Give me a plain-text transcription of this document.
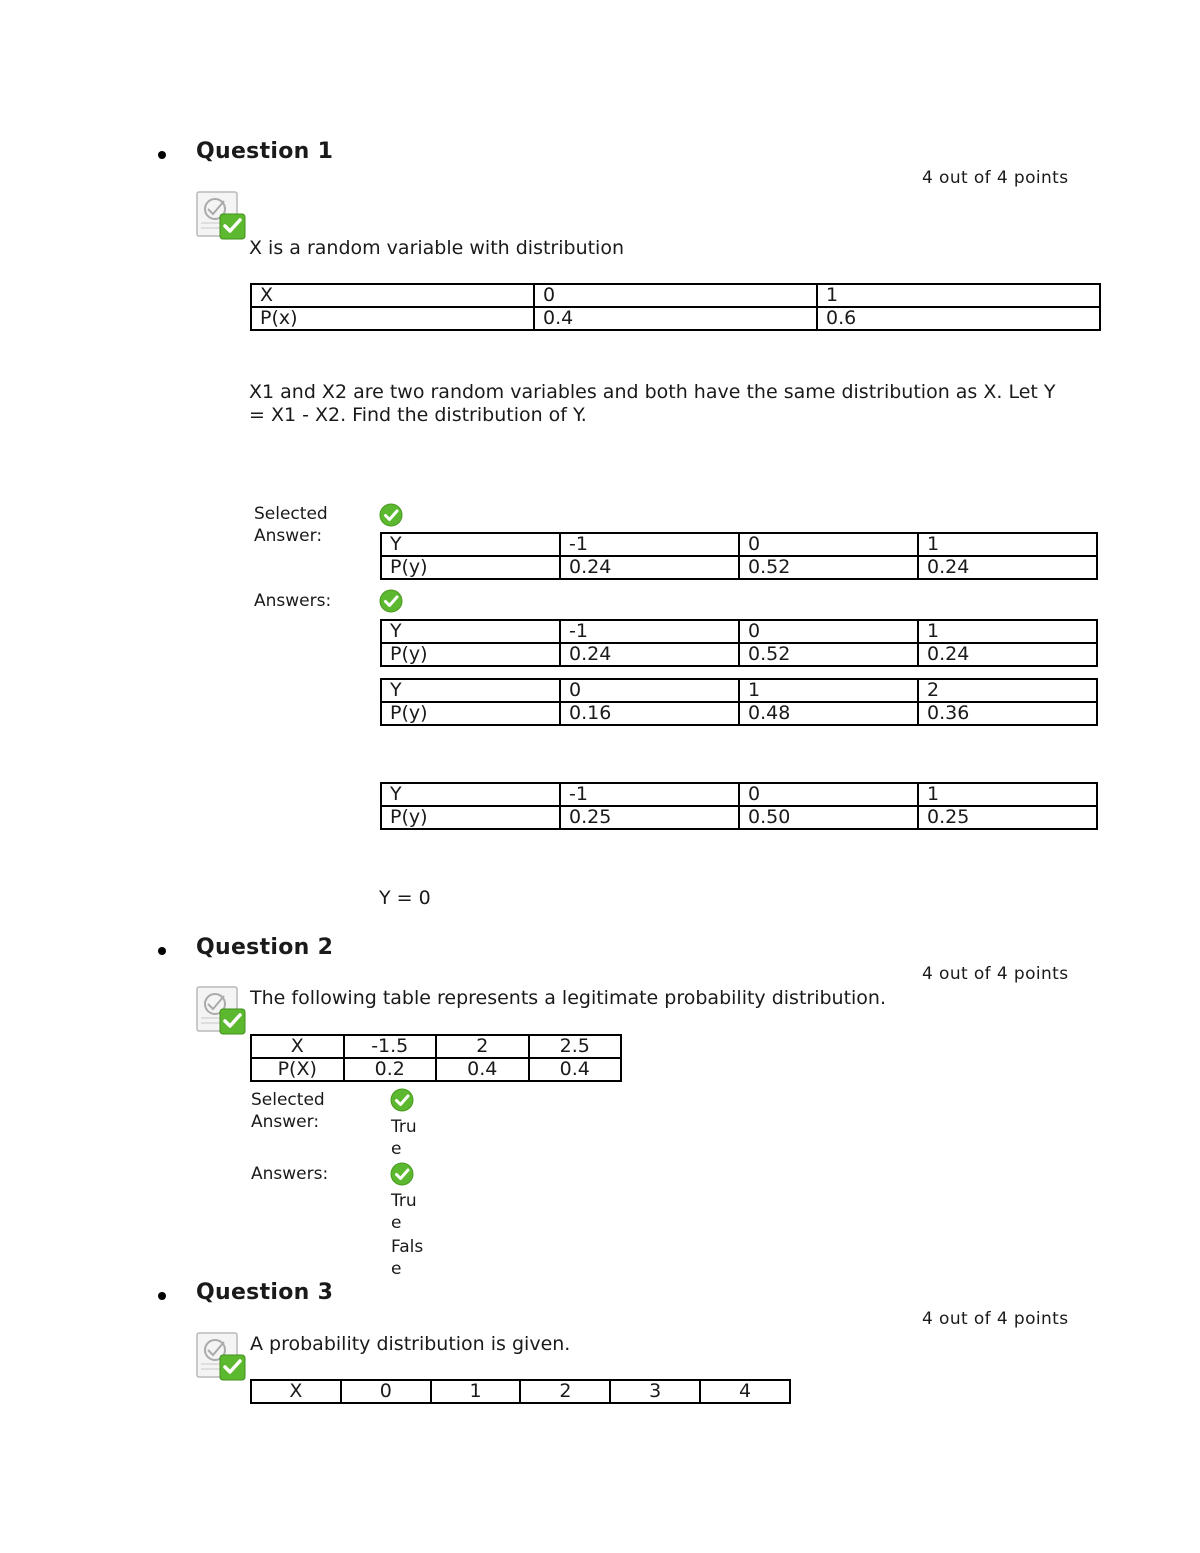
Question 1
4 out of 4 points
X is a random variable with distribution
X	0	1
P(x)	0.4	0.6
X1 and X2 are two random variables and both have the same distribution as X. Let Y
= X1 - X2. Find the distribution of Y.
Selected
Answer:	Y	-1	0	1
P(y)	0.24	0.52	0.24
Answers:
Y	-1	0	1
P(y)	0.24	0.52	0.24
Y	0	1	2
P(y)	0.16	0.48	0.36
Y	-1	0	1
P(y)	0.25	0.50	0.25
Y = 0
Question 2
4 out of 4 points
The following table represents a legitimate probability distribution.
X	-1.5	2	2.5
P(X)	0.2	0.4	0.4
Selected
Answer:	Tru
e
Answers:
Tru
e
Fals
e
Question 3
4 out of 4 points
A probability distribution is given.
X	0	1	2	3	4
